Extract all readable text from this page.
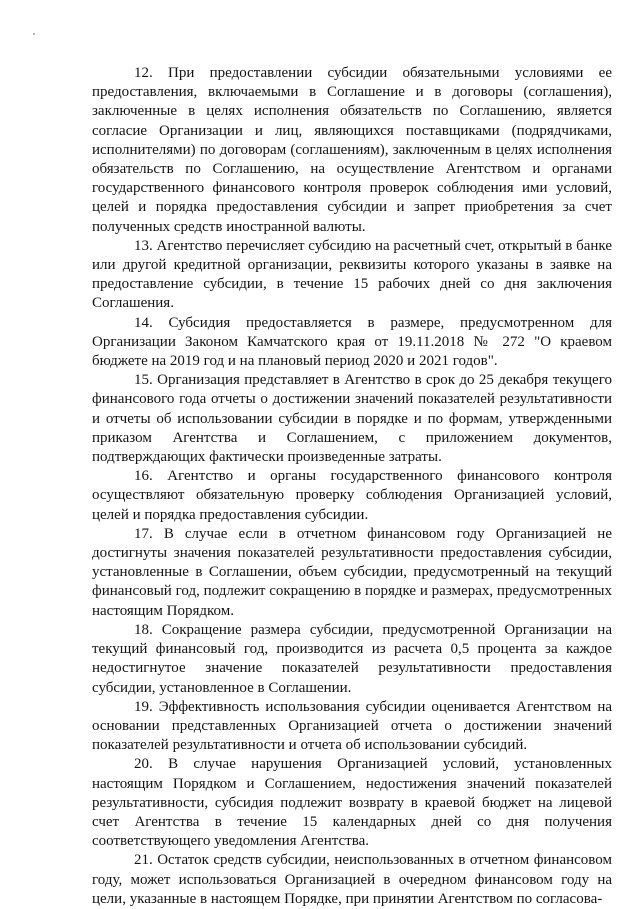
12. При предоставлении субсидии обязательными условиями ее предоставления, включаемыми в Соглашение и в договоры (соглашения), заключенные в целях исполнения обязательств по Соглашению, является согласие Организации и лиц, являющихся поставщиками (подрядчиками, исполнителями) по договорам (соглашениям), заключенным в целях исполнения обязательств по Соглашению, на осуществление Агентством и органами государственного финансового контроля проверок соблюдения ими условий, целей и порядка предоставления субсидии и запрет приобретения за счет полученных средств иностранной валюты.

13. Агентство перечисляет субсидию на расчетный счет, открытый в банке или другой кредитной организации, реквизиты которого указаны в заявке на предоставление субсидии, в течение 15 рабочих дней со дня заключения Соглашения.

14. Субсидия предоставляется в размере, предусмотренном для Организации Законом Камчатского края от 19.11.2018 № 272 "О краевом бюджете на 2019 год и на плановый период 2020 и 2021 годов".

15. Организация представляет в Агентство в срок до 25 декабря текущего финансового года отчеты о достижении значений показателей результативности и отчеты об использовании субсидии в порядке и по формам, утвержденными приказом Агентства и Соглашением, с приложением документов, подтверждающих фактически произведенные затраты.

16. Агентство и органы государственного финансового контроля осуществляют обязательную проверку соблюдения Организацией условий, целей и порядка предоставления субсидии.

17. В случае если в отчетном финансовом году Организацией не достигнуты значения показателей результативности предоставления субсидии, установленные в Соглашении, объем субсидии, предусмотренный на текущий финансовый год, подлежит сокращению в порядке и размерах, предусмотренных настоящим Порядком.

18. Сокращение размера субсидии, предусмотренной Организации на текущий финансовый год, производится из расчета 0,5 процента за каждое недостигнутое значение показателей результативности предоставления субсидии, установленное в Соглашении.

19. Эффективность использования субсидии оценивается Агентством на основании представленных Организацией отчета о достижении значений показателей результативности и отчета об использовании субсидий.

20. В случае нарушения Организацией условий, установленных настоящим Порядком и Соглашением, недостижения значений показателей результативности, субсидия подлежит возврату в краевой бюджет на лицевой счет Агентства в течение 15 календарных дней со дня получения соответствующего уведомления Агентства.

21. Остаток средств субсидии, неиспользованных в отчетном финансовом году, может использоваться Организацией в очередном финансовом году на цели, указанные в настоящем Порядке, при принятии Агентством по согласова-
